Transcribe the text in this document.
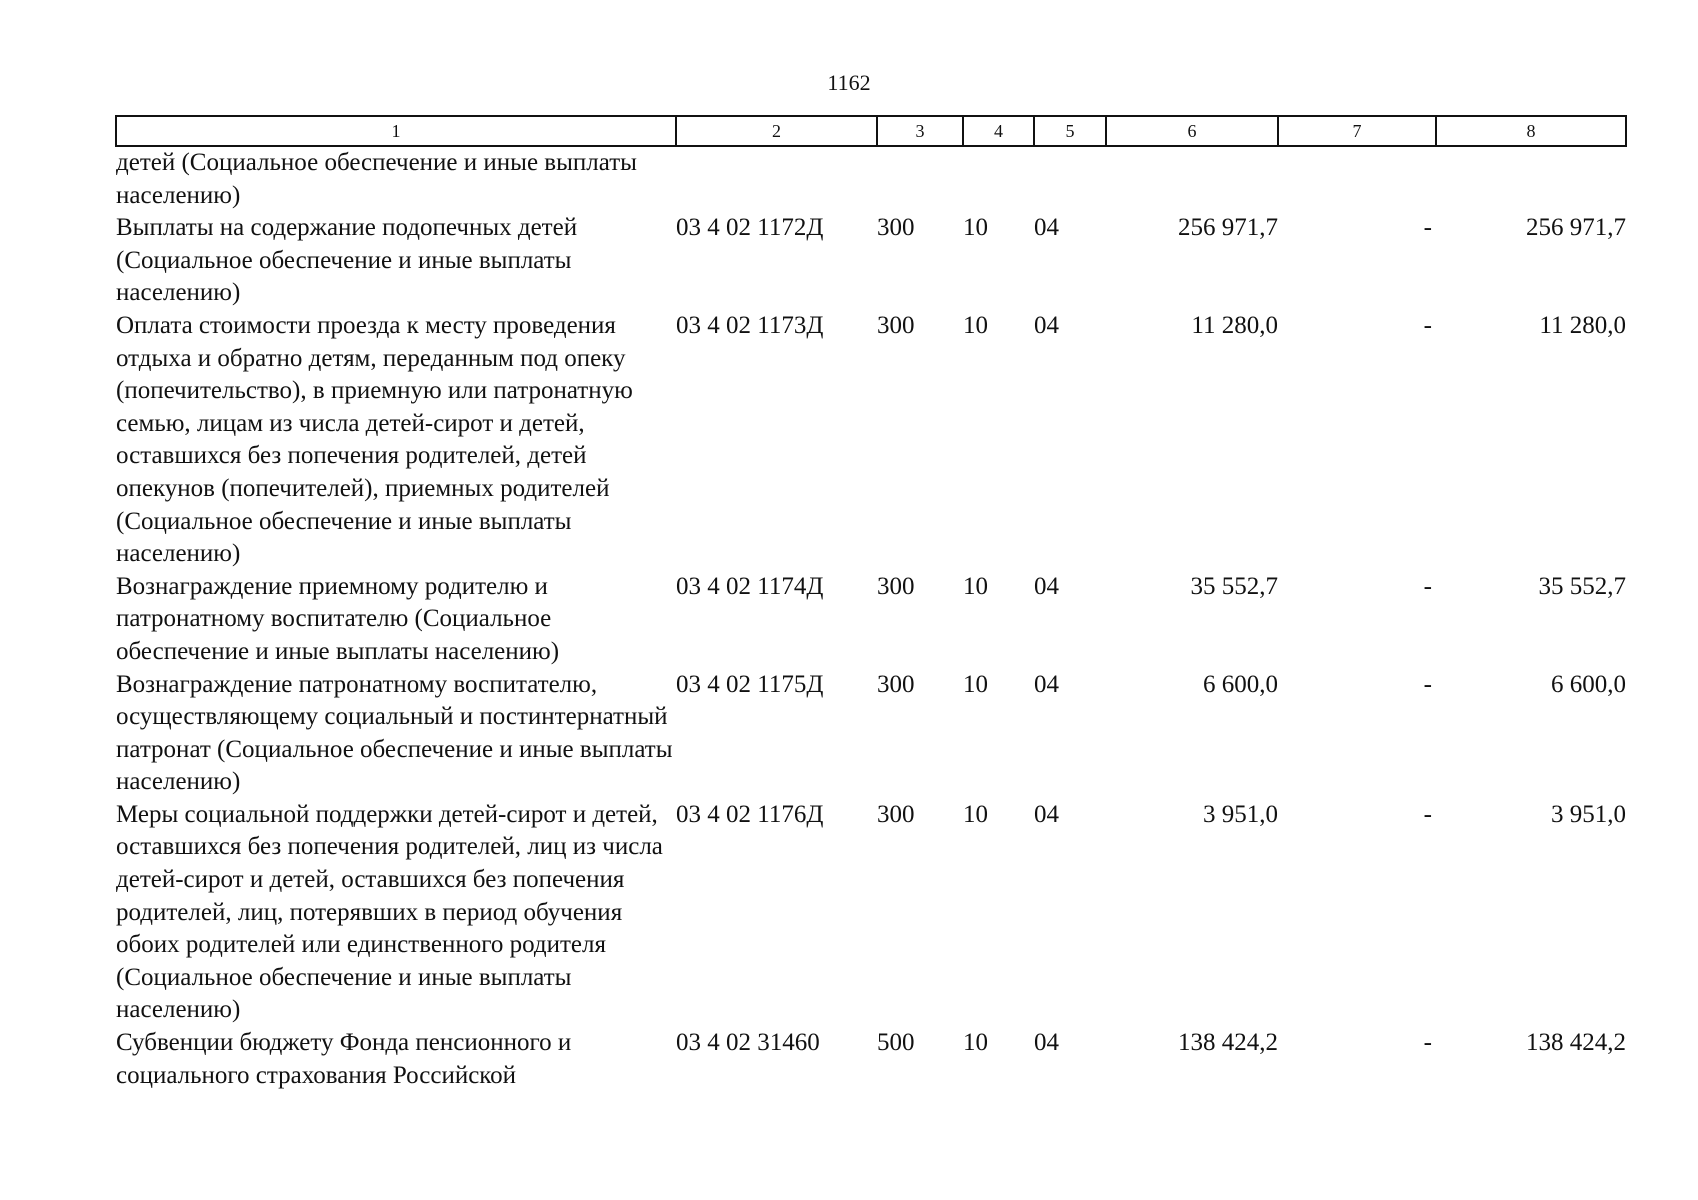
1162
1	2	3	4	5	6	7	8
детей (Социальное обеспечение и иные выплаты населению)							
Выплаты на содержание подопечных детей (Социальное обеспечение и иные выплаты населению)	03 4 02 1172Д	300	10	04	256 971,7	-	256 971,7
Оплата стоимости проезда к месту проведения отдыха и обратно детям, переданным под опеку (попечительство), в приемную или патронатную семью, лицам из числа детей-сирот и детей, оставшихся без попечения родителей, детей опекунов (попечителей), приемных родителей (Социальное обеспечение и иные выплаты населению)	03 4 02 1173Д	300	10	04	11 280,0	-	11 280,0
Вознаграждение приемному родителю и патронатному воспитателю (Социальное обеспечение и иные выплаты населению)	03 4 02 1174Д	300	10	04	35 552,7	-	35 552,7
Вознаграждение патронатному воспитателю, осуществляющему социальный и постинтернатный патронат (Социальное обеспечение и иные выплаты населению)	03 4 02 1175Д	300	10	04	6 600,0	-	6 600,0
Меры социальной поддержки детей-сирот и детей, оставшихся без попечения родителей, лиц из числа детей-сирот и детей, оставшихся без попечения родителей, лиц, потерявших в период обучения обоих родителей или единственного родителя (Социальное обеспечение и иные выплаты населению)	03 4 02 1176Д	300	10	04	3 951,0	-	3 951,0
Субвенции бюджету Фонда пенсионного и социального страхования Российской	03 4 02 31460	500	10	04	138 424,2	-	138 424,2
